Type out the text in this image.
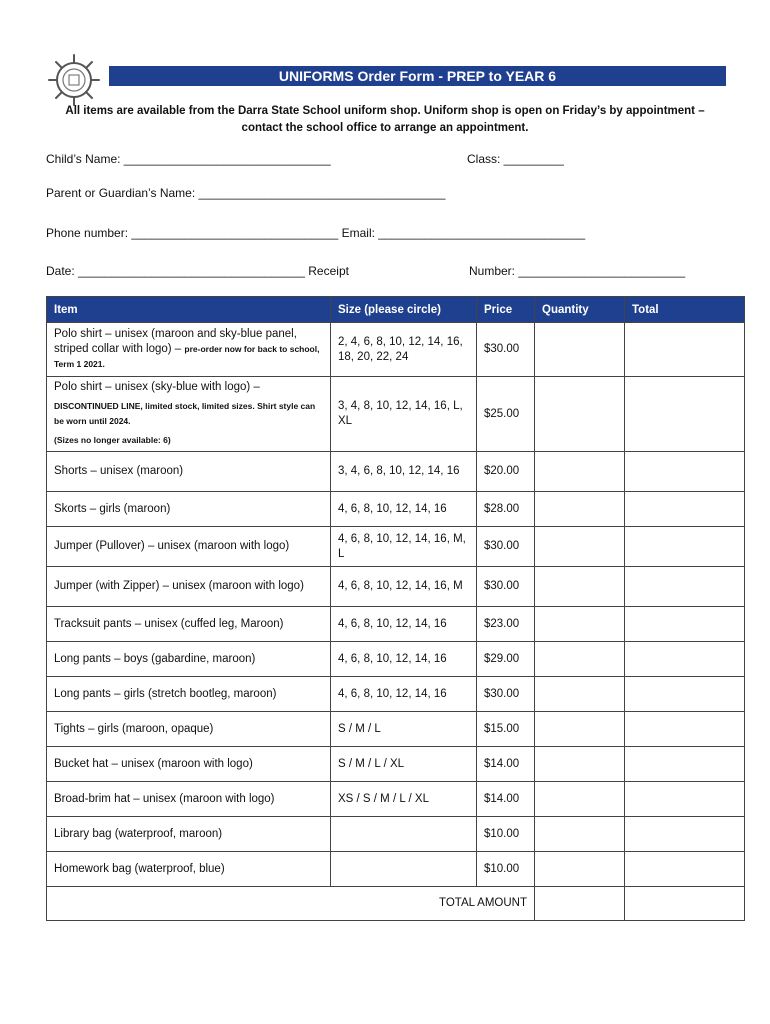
UNIFORMS Order Form - PREP to YEAR 6
All items are available from the Darra State School uniform shop. Uniform shop is open on Friday’s by appointment – contact the school office to arrange an appointment.
Child’s Name: _______________________________	Class: _________
Parent or Guardian’s Name: _____________________________________
Phone number: _______________________________ Email: _______________________________
Date: __________________________________ Receipt	Number: _________________________
Item	Size (please circle)	Price	Quantity	Total
Polo shirt – unisex (maroon and sky-blue panel, striped collar with logo) – pre-order now for back to school, Term 1 2021.	2, 4, 6, 8, 10, 12, 14, 16, 18, 20, 22, 24	$30.00		
Polo shirt – unisex (sky-blue with logo) –
DISCONTINUED LINE, limited stock, limited sizes. Shirt style can be worn until 2024.
(Sizes no longer available: 6)	3, 4, 8, 10, 12, 14, 16, L, XL	$25.00		
Shorts – unisex (maroon)	3, 4, 6, 8, 10, 12, 14, 16	$20.00		
Skorts – girls (maroon)	4, 6, 8, 10, 12, 14, 16	$28.00		
Jumper (Pullover) – unisex (maroon with logo)	4, 6, 8, 10, 12, 14, 16, M, L	$30.00		
Jumper (with Zipper) – unisex (maroon with logo)	4, 6, 8, 10, 12, 14, 16, M	$30.00		
Tracksuit pants – unisex (cuffed leg, Maroon)	4, 6, 8, 10, 12, 14, 16	$23.00		
Long pants – boys (gabardine, maroon)	4, 6, 8, 10, 12, 14, 16	$29.00		
Long pants – girls (stretch bootleg, maroon)	4, 6, 8, 10, 12, 14, 16	$30.00		
Tights – girls (maroon, opaque)	S / M / L	$15.00		
Bucket hat – unisex (maroon with logo)	S / M / L / XL	$14.00		
Broad-brim hat – unisex (maroon with logo)	XS / S / M / L / XL	$14.00		
Library bag (waterproof, maroon)		$10.00		
Homework bag (waterproof, blue)		$10.00		
TOTAL AMOUNT				
